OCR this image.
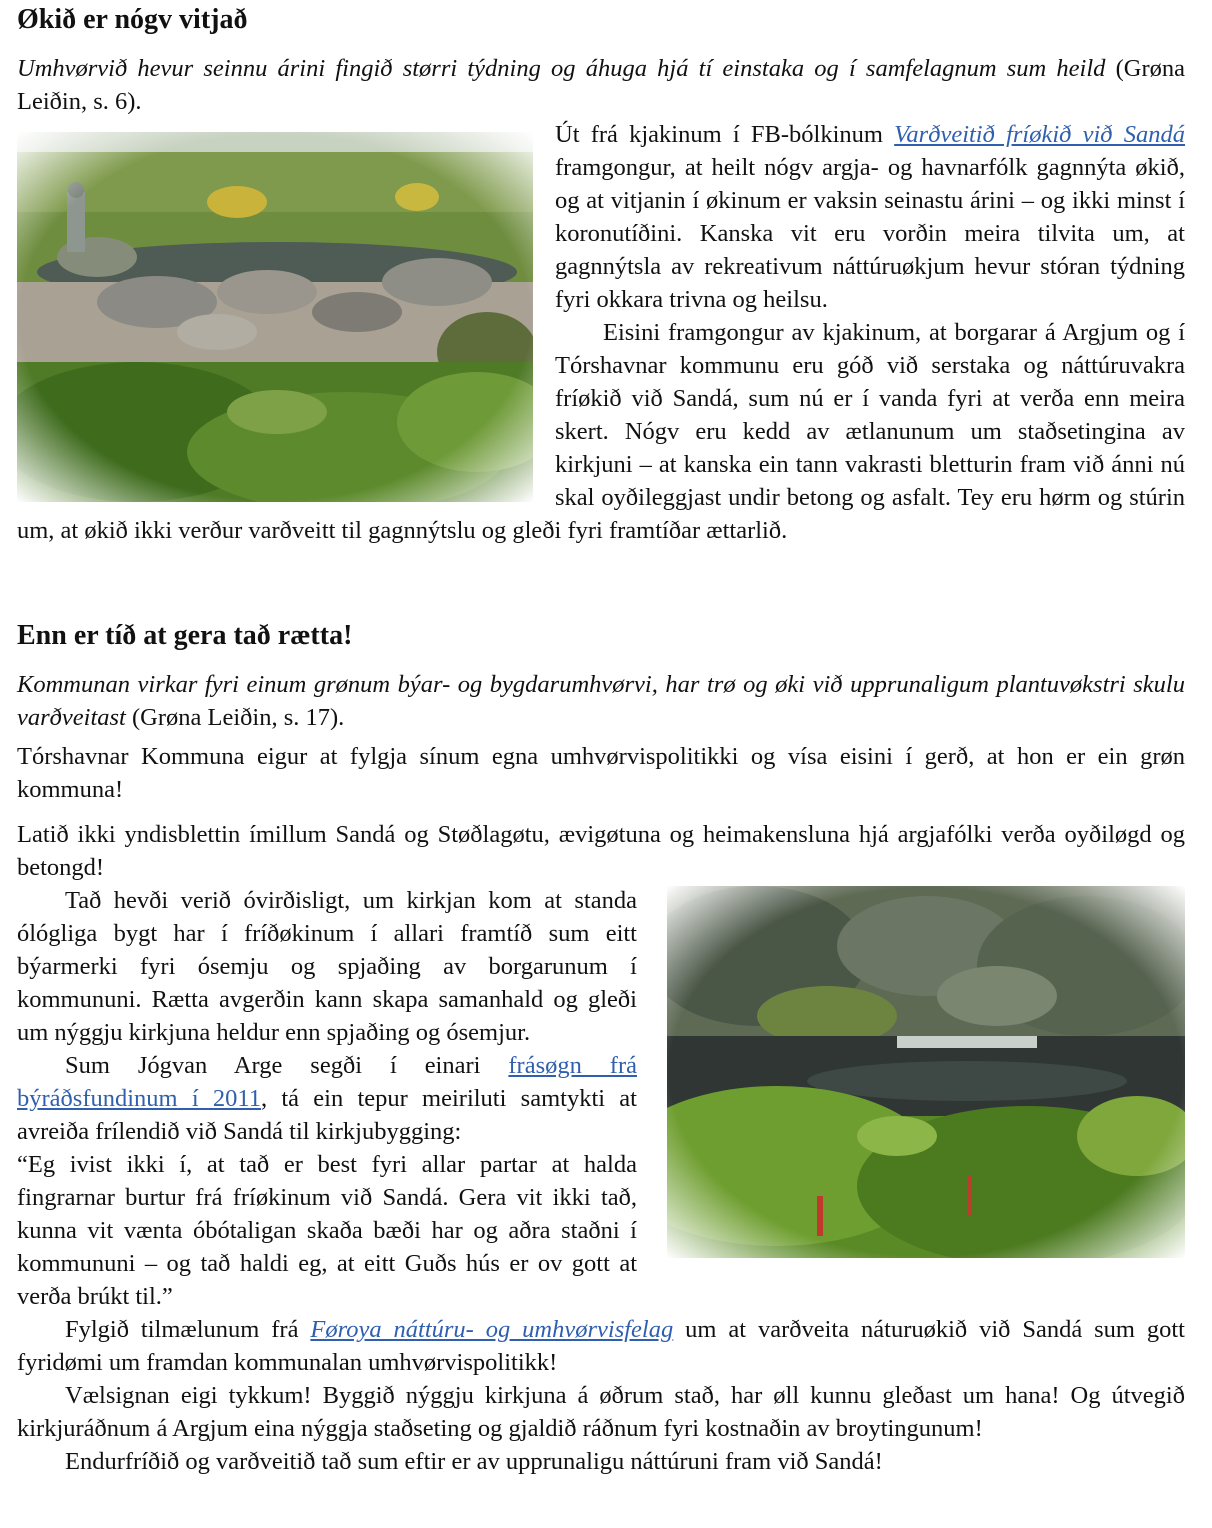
Økið er nógv vitjað

Umhvørvið hevur seinnu árini fingið størri týdning og áhuga hjá tí einstaka og í samfelagnum sum heild (Grøna Leiðin, s. 6).

Út frá kjakinum í FB-bólkinum Varðveitið fríøkið við Sandá framgongur, at heilt nógv argja- og havnarfólk gagnnýta økið, og at vitjanin í økinum er vaksin seinastu árini – og ikki minst í koronutíðini. Kanska vit eru vorðin meira tilvita um, at gagnnýtsla av rekreativum náttúruøkjum hevur stóran týdning fyri okkara trivna og heilsu.

Eisini framgongur av kjakinum, at borgarar á Argjum og í Tórshavnar kommunu eru góð við serstaka og náttúruvakra fríøkið við Sandá, sum nú er í vanda fyri at verða enn meira skert. Nógv eru kedd av ætlanunum um staðsetingina av kirkjuni – at kanska ein tann vakrasti bletturin fram við ánni nú skal oyðileggjast undir betong og asfalt. Tey eru hørm og stúrin um, at økið ikki verður varðveitt til gagnnýtslu og gleði fyri framtíðar ættarlið.

Enn er tíð at gera tað rætta!

Kommunan virkar fyri einum grønum býar- og bygdarumhvørvi, har trø og øki við upprunaligum plantuvøkstri skulu varðveitast (Grøna Leiðin, s. 17).

Tórshavnar Kommuna eigur at fylgja sínum egna umhvørvispolitikki og vísa eisini í gerð, at hon er ein grøn kommuna!

Latið ikki yndisblettin ímillum Sandá og Støðlagøtu, ævigøtuna og heimakensluna hjá argjafólki verða oyðiløgd og betongd!

Tað hevði verið óvirðisligt, um kirkjan kom at standa ólógliga bygt har í fríðøkinum í allari framtíð sum eitt býarmerki fyri ósemju og spjaðing av borgarunum í kommununi. Rætta avgerðin kann skapa samanhald og gleði um nýggju kirkjuna heldur enn spjaðing og ósemjur.

Sum Jógvan Arge segði í einari frásøgn frá býráðsfundinum í 2011, tá ein tepur meiriluti samtykti at avreiða frílendið við Sandá til kirkjubygging:

“Eg ivist ikki í, at tað er best fyri allar partar at halda fingrarnar burtur frá fríøkinum við Sandá. Gera vit ikki tað, kunna vit vænta óbótaligan skaða bæði har og aðra staðni í kommununi – og tað haldi eg, at eitt Guðs hús er ov gott at verða brúkt til.”

Fylgið tilmælunum frá Føroya náttúru- og umhvørvisfelag um at varðveita náturuøkið við Sandá sum gott fyridømi um framdan kommunalan umhvørvispolitikk!

Vælsignan eigi tykkum! Byggið nýggju kirkjuna á øðrum stað, har øll kunnu gleðast um hana! Og útvegið kirkjuráðnum á Argjum eina nýggja staðseting og gjaldið ráðnum fyri kostnaðin av broytingunum!

Endurfríðið og varðveitið tað sum eftir er av upprunaligu náttúruni fram við Sandá!
